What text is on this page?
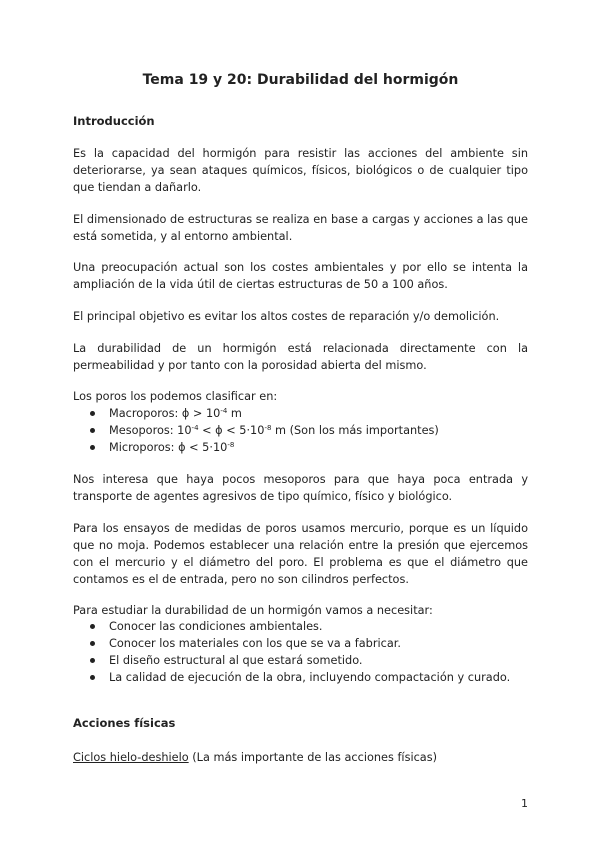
Tema 19 y 20: Durabilidad del hormigón
Introducción

Es la capacidad del hormigón para resistir las acciones del ambiente sin deteriorarse, ya sean ataques químicos, físicos, biológicos o de cualquier tipo que tiendan a dañarlo.

El dimensionado de estructuras se realiza en base a cargas y acciones a las que está sometida, y al entorno ambiental.

Una preocupación actual son los costes ambientales y por ello se intenta la ampliación de la vida útil de ciertas estructuras de 50 a 100 años.

El principal objetivo es evitar los altos costes de reparación y/o demolición.

La durabilidad de un hormigón está relacionada directamente con la permeabilidad y por tanto con la porosidad abierta del mismo.

Los poros los podemos clasificar en:

Macroporos: $\phi > 10^{-4}$ m
Mesoporos: $10^{-4} < \phi < 5\cdot 10^{-8}$ m (Son los más importantes)
Microporos: $\phi < 5\cdot 10^{-8}$

Nos interesa que haya pocos mesoporos para que haya poca entrada y transporte de agentes agresivos de tipo químico, físico y biológico.

Para los ensayos de medidas de poros usamos mercurio, porque es un líquido que no moja. Podemos establecer una relación entre la presión que ejercemos con el mercurio y el diámetro del poro. El problema es que el diámetro que contamos es el de entrada, pero no son cilindros perfectos.

Para estudiar la durabilidad de un hormigón vamos a necesitar:

Conocer las condiciones ambientales.
Conocer los materiales con los que se va a fabricar.
El diseño estructural al que estará sometido.
La calidad de ejecución de la obra, incluyendo compactación y curado.
Acciones físicas

Ciclos hielo-deshielo (La más importante de las acciones físicas)

1
